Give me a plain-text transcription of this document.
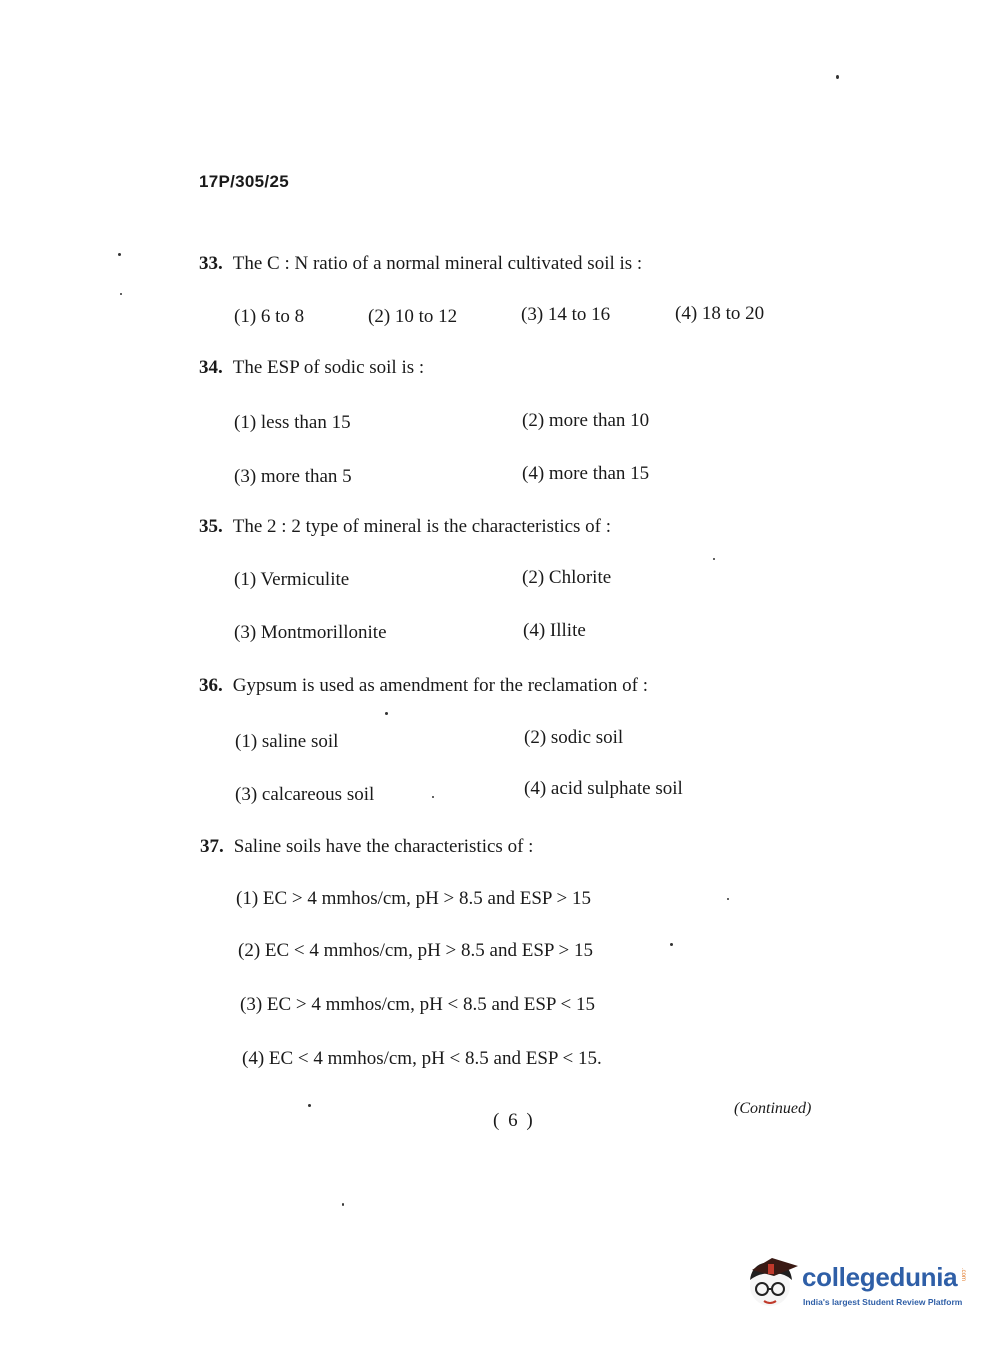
17P/305/25
33. The C : N ratio of a normal mineral cultivated soil is :
(1) 6 to 8	(2) 10 to 12	(3) 14 to 16	(4) 18 to 20
34. The ESP of sodic soil is :
(1) less than 15	(2) more than 10
(3) more than 5	(4) more than 15
35. The 2 : 2 type of mineral is the characteristics of :
(1) Vermiculite	(2) Chlorite
(3) Montmorillonite	(4) Illite
36. Gypsum is used as amendment for the reclamation of :
(1) saline soil	(2) sodic soil
(3) calcareous soil	(4) acid sulphate soil
37. Saline soils have the characteristics of :
(1) EC > 4 mmhos/cm, pH > 8.5 and ESP > 15
(2) EC < 4 mmhos/cm, pH > 8.5 and ESP > 15
(3) EC > 4 mmhos/cm, pH < 8.5 and ESP < 15
(4) EC < 4 mmhos/cm, pH < 8.5 and ESP < 15.
( 6 )
(Continued)
collegedunia .com
India's largest Student Review Platform
